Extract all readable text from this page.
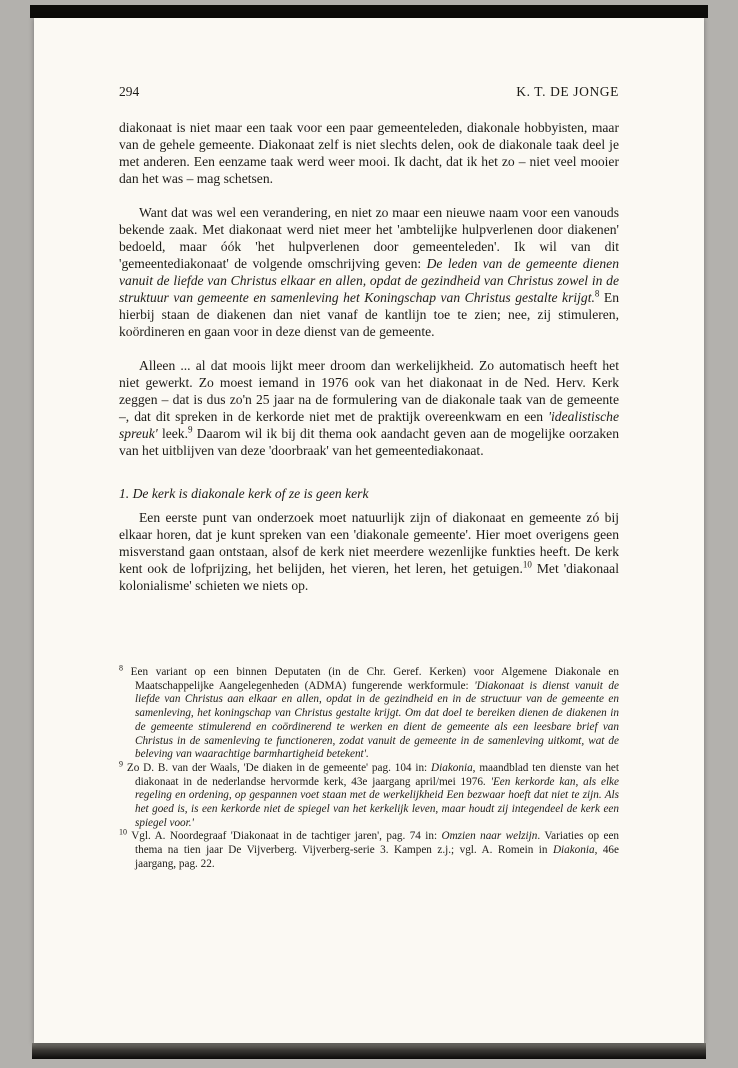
294	K. T. DE JONGE

diakonaat is niet maar een taak voor een paar gemeenteleden, diakonale hobbyisten, maar van de gehele gemeente. Diakonaat zelf is niet slechts delen, ook de diakonale taak deel je met anderen. Een eenzame taak werd weer mooi. Ik dacht, dat ik het zo – niet veel mooier dan het was – mag schetsen.

Want dat was wel een verandering, en niet zo maar een nieuwe naam voor een vanouds bekende zaak. Met diakonaat werd niet meer het 'ambtelijke hulpverlenen door diakenen' bedoeld, maar óók 'het hulpverlenen door gemeenteleden'. Ik wil van dit 'gemeentediakonaat' de volgende omschrijving geven: De leden van de gemeente dienen vanuit de liefde van Christus elkaar en allen, opdat de gezindheid van Christus zowel in de struktuur van gemeente en samenleving het Koningschap van Christus gestalte krijgt.$^8$ En hierbij staan de diakenen dan niet vanaf de kantlijn toe te zien; nee, zij stimuleren, koördineren en gaan voor in deze dienst van de gemeente.

Alleen ... al dat moois lijkt meer droom dan werkelijkheid. Zo automatisch heeft het niet gewerkt. Zo moest iemand in 1976 ook van het diakonaat in de Ned. Herv. Kerk zeggen – dat is dus zo'n 25 jaar na de formulering van de diakonale taak van de gemeente –, dat dit spreken in de kerkorde niet met de praktijk overeenkwam en een 'idealistische spreuk' leek.$^9$ Daarom wil ik bij dit thema ook aandacht geven aan de mogelijke oorzaken van het uitblijven van deze 'doorbraak' van het gemeentediakonaat.

1. De kerk is diakonale kerk of ze is geen kerk

Een eerste punt van onderzoek moet natuurlijk zijn of diakonaat en gemeente zó bij elkaar horen, dat je kunt spreken van een 'diakonale gemeente'. Hier moet overigens geen misverstand gaan ontstaan, alsof de kerk niet meerdere wezenlijke funkties heeft. De kerk kent ook de lofprijzing, het belijden, het vieren, het leren, het getuigen.$^{10}$ Met 'diakonaal kolonialisme' schieten we niets op.

$^8$ Een variant op een binnen Deputaten (in de Chr. Geref. Kerken) voor Algemene Diakonale en Maatschappelijke Aangelegenheden (ADMA) fungerende werkformule: 'Diakonaat is dienst vanuit de liefde van Christus aan elkaar en allen, opdat in de gezindheid en in de structuur van de gemeente en samenleving, het koningschap van Christus gestalte krijgt. Om dat doel te bereiken dienen de diakenen in de gemeente stimulerend en coördinerend te werken en dient de gemeente als een leesbare brief van Christus in de samenleving te functioneren, zodat vanuit de gemeente in de samenleving uitkomt, wat de beleving van waarachtige barmhartigheid betekent'.

$^9$ Zo D. B. van der Waals, 'De diaken in de gemeente' pag. 104 in: Diakonia, maandblad ten dienste van het diakonaat in de nederlandse hervormde kerk, 43e jaargang april/mei 1976. 'Een kerkorde kan, als elke regeling en ordening, op gespannen voet staan met de werkelijkheid Een bezwaar hoeft dat niet te zijn. Als het goed is, is een kerkorde niet de spiegel van het kerkelijk leven, maar houdt zij integendeel de kerk een spiegel voor.'

$^{10}$ Vgl. A. Noordegraaf 'Diakonaat in de tachtiger jaren', pag. 74 in: Omzien naar welzijn. Variaties op een thema na tien jaar De Vijverberg. Vijverberg-serie 3. Kampen z.j.; vgl. A. Romein in Diakonia, 46e jaargang, pag. 22.
